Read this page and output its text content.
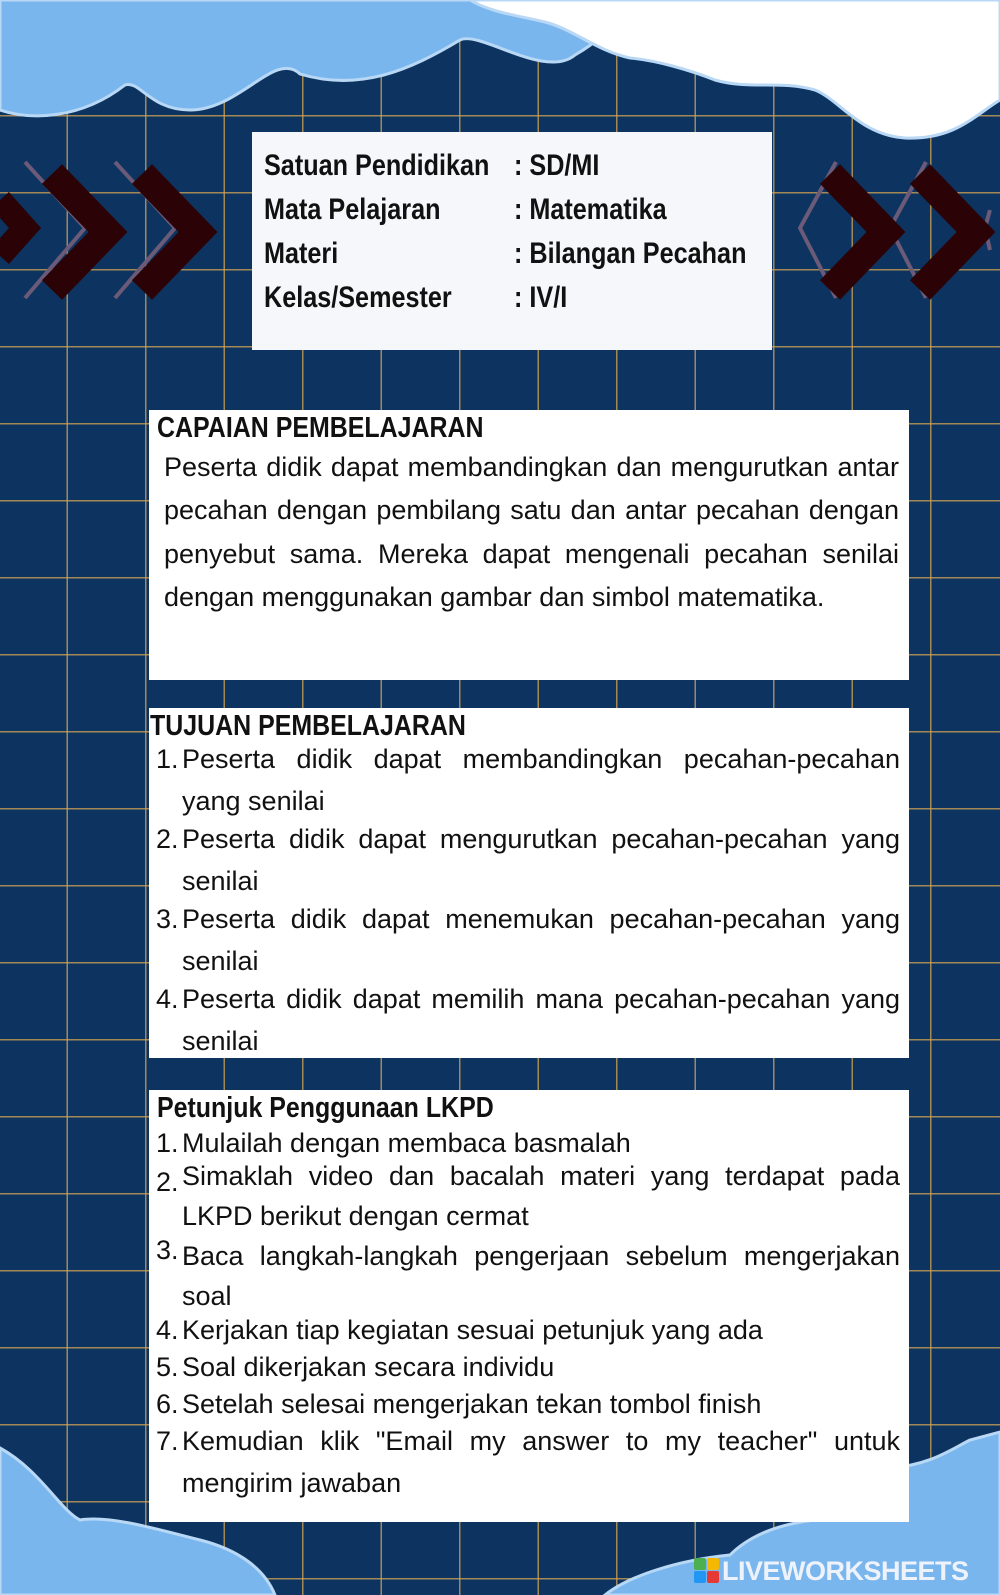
Satuan Pendidikan : SD/MI
Mata Pelajaran : Matematika
Materi	: Bilangan Pecahan
Kelas/Semester : IV/I
CAPAIAN PEMBELAJARAN
Peserta didik dapat membandingkan dan mengurutkan antar pecahan dengan pembilang satu dan antar pecahan dengan penyebut sama. Mereka dapat mengenali pecahan senilai dengan menggunakan gambar dan simbol matematika.
TUJUAN PEMBELAJARAN
1. Peserta didik dapat membandingkan pecahan-pecahan yang senilai
2. Peserta didik dapat mengurutkan pecahan-pecahan yang senilai
3. Peserta didik dapat menemukan pecahan-pecahan yang senilai
4. Peserta didik dapat memilih mana pecahan-pecahan yang senilai
Petunjuk Penggunaan LKPD
1. Mulailah dengan membaca basmalah
2. Simaklah video dan bacalah materi yang terdapat pada LKPD berikut dengan cermat
3. Baca langkah-langkah pengerjaan sebelum mengerjakan soal
4. Kerjakan tiap kegiatan sesuai petunjuk yang ada
5. Soal dikerjakan secara individu
6. Setelah selesai mengerjakan tekan tombol finish
7. Kemudian klik "Email my answer to my teacher" untuk mengirim jawaban
LIVEWORKSHEETS
